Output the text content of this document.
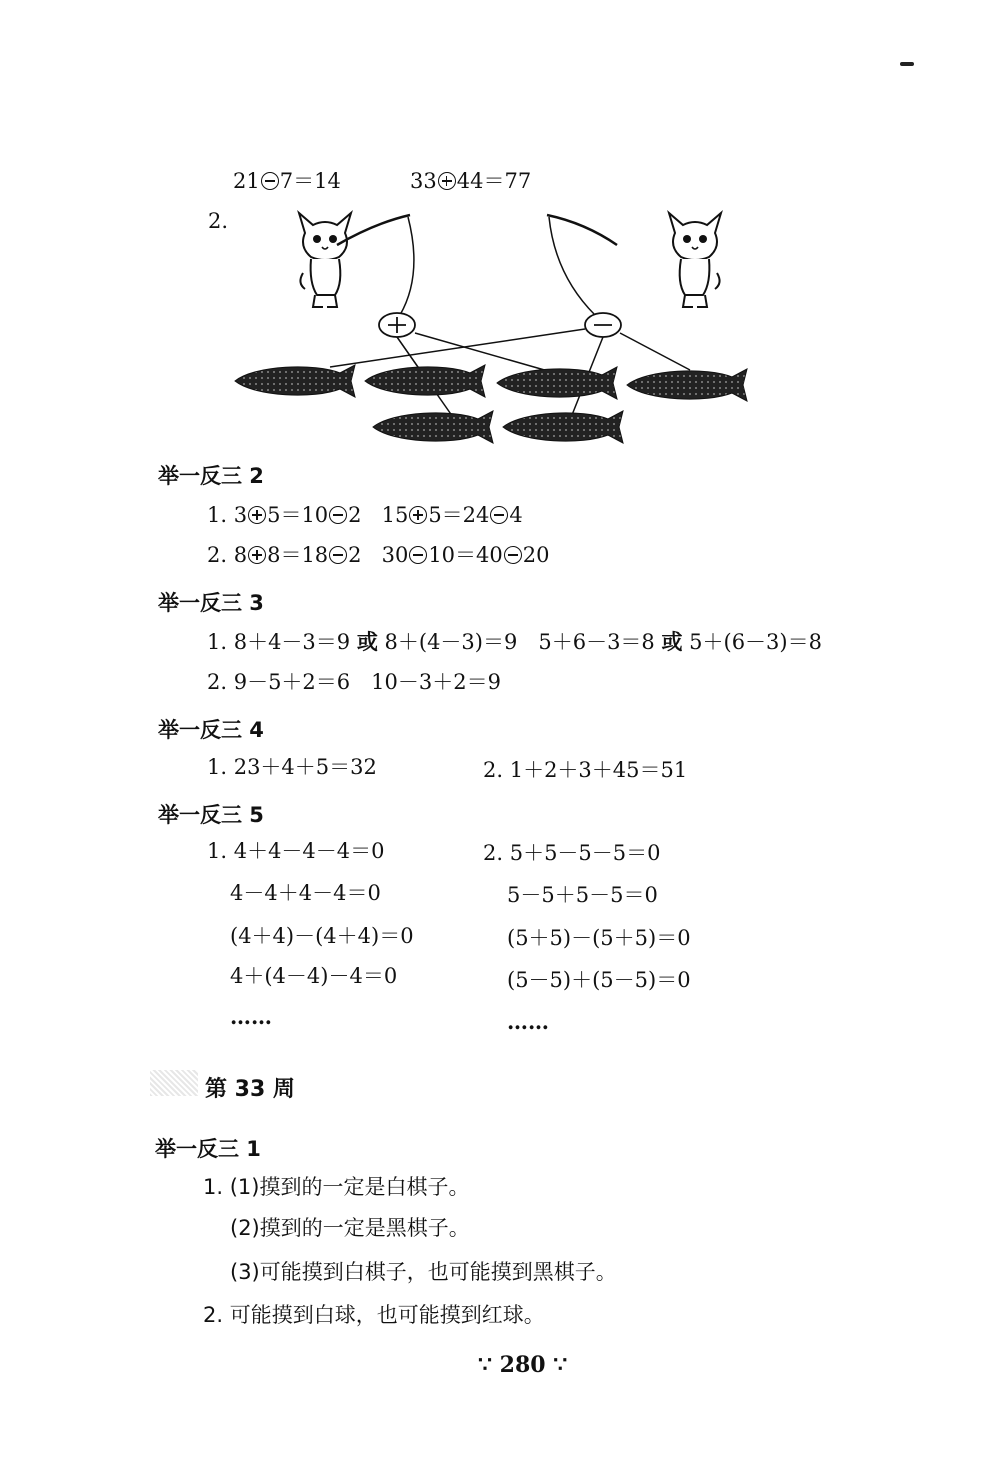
21 7＝14	33 44＝77
2.
举一反三 2
1. 3 5＝10 2 15 5＝24 4
2. 8 8＝18 2 30 10＝40 20
举一反三 3
1. 8＋4－3＝9 或 8＋(4－3)＝9　5＋6－3＝8 或 5＋(6－3)＝8
2. 9－5＋2＝6　10－3＋2＝9
举一反三 4
1. 23＋4＋5＝32	2. 1＋2＋3＋45＝51
举一反三 5
1. 4＋4－4－4＝0
4－4＋4－4＝0
(4＋4)－(4＋4)＝0
4＋(4－4)－4＝0
……
2. 5＋5－5－5＝0
5－5＋5－5＝0
(5＋5)－(5＋5)＝0
(5－5)＋(5－5)＝0
……
第 33 周
举一反三 1
1. (1)摸到的一定是白棋子。
(2)摸到的一定是黑棋子。
(3)可能摸到白棋子，也可能摸到黑棋子。
2. 可能摸到白球，也可能摸到红球。
∵ 280 ∵
